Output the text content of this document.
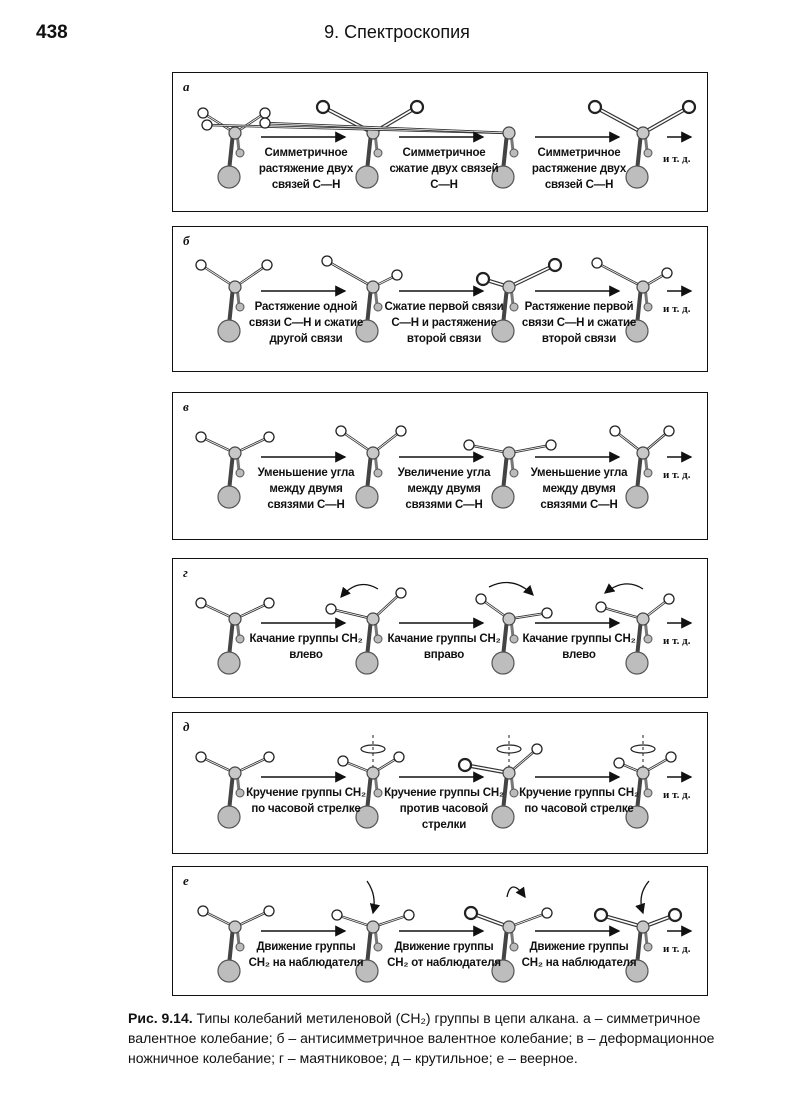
438	9. Спектроскопия
а
Симметричное растяжение двух связей С—Н
Симметричное сжатие двух связей С—Н
Симметричное растяжение двух связей С—Н
и т. д.
б
Растяжение одной связи С—Н и сжатие другой связи
Сжатие первой связи С—Н и растяжение второй связи
Растяжение первой связи С—Н и сжатие второй связи
и т. д.
в
Уменьшение угла между двумя связями С—Н
Увеличение угла между двумя связями С—Н
Уменьшение угла между двумя связями С—Н
и т. д.
г
Качание группы CH₂ влево
Качание группы CH₂ вправо
Качание группы CH₂ влево
и т. д.
д
Кручение группы CH₂ по часовой стрелке
Кручение группы CH₂ против часовой стрелки
Кручение группы CH₂ по часовой стрелке
и т. д.
е
Движение группы CH₂ на наблюдателя
Движение группы CH₂ от наблюдателя
Движение группы CH₂ на наблюдателя
и т. д.
Рис. 9.14. Типы колебаний метиленовой (CH₂) группы в цепи алкана. а – симметричное валентное колебание; б – антисимметричное валентное колебание; в – деформационное ножничное колебание; г – маятниковое; д – крутильное; е – веерное.
